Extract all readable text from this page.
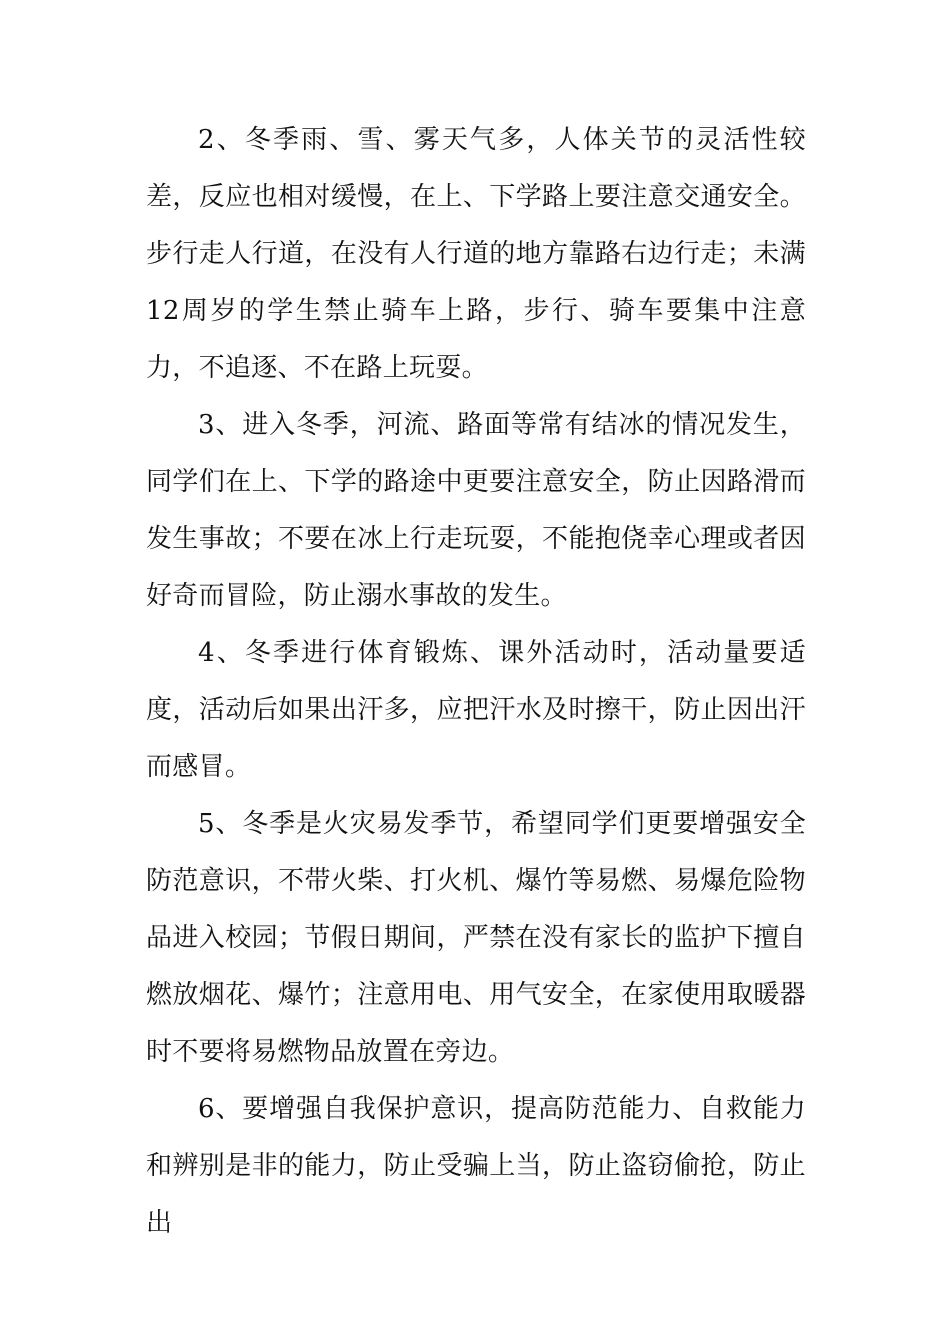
2、冬季雨、雪、雾天气多，人体关节的灵活性较差，反应也相对缓慢，在上、下学路上要注意交通安全。步行走人行道，在没有人行道的地方靠路右边行走；未满12周岁的学生禁止骑车上路，步行、骑车要集中注意力，不追逐、不在路上玩耍。

3、进入冬季，河流、路面等常有结冰的情况发生，同学们在上、下学的路途中更要注意安全，防止因路滑而发生事故；不要在冰上行走玩耍，不能抱侥幸心理或者因好奇而冒险，防止溺水事故的发生。

4、冬季进行体育锻炼、课外活动时，活动量要适度，活动后如果出汗多，应把汗水及时擦干，防止因出汗而感冒。

5、冬季是火灾易发季节，希望同学们更要增强安全防范意识，不带火柴、打火机、爆竹等易燃、易爆危险物品进入校园；节假日期间，严禁在没有家长的监护下擅自燃放烟花、爆竹；注意用电、用气安全，在家使用取暖器时不要将易燃物品放置在旁边。

6、要增强自我保护意识，提高防范能力、自救能力和辨别是非的能力，防止受骗上当，防止盗窃偷抢，防止出
